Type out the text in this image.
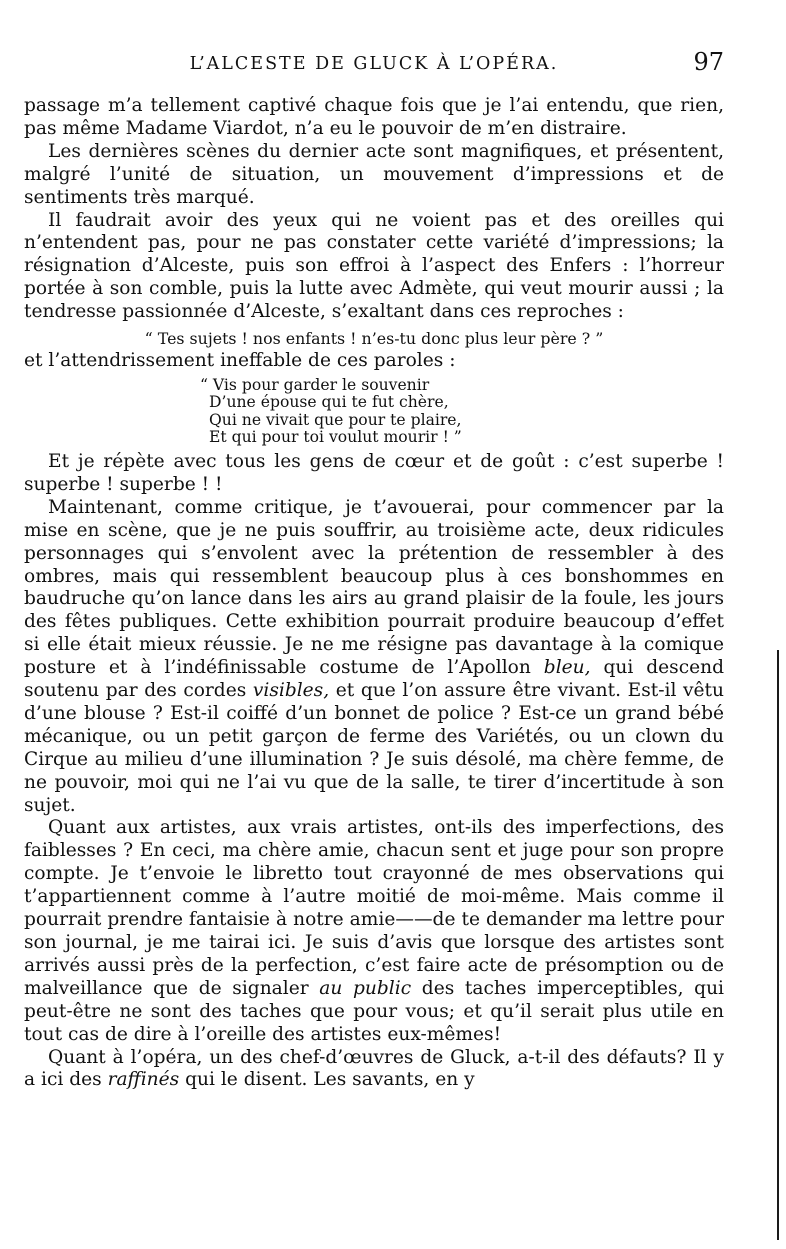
L’ALCESTE DE GLUCK À L’OPÉRA.	97

passage m’a tellement captivé chaque fois que je l’ai entendu, que rien, pas même Madame Viardot, n’a eu le pouvoir de m’en distraire.

Les dernières scènes du dernier acte sont magnifiques, et présentent, malgré l’unité de situation, un mouvement d’impressions et de sentiments très marqué.

Il faudrait avoir des yeux qui ne voient pas et des oreilles qui n’entendent pas, pour ne pas constater cette variété d’impressions; la résignation d’Alceste, puis son effroi à l’aspect des Enfers : l’horreur portée à son comble, puis la lutte avec Admète, qui veut mourir aussi ; la tendresse passionnée d’Alceste, s’exaltant dans ces reproches :

“ Tes sujets ! nos enfants ! n’es-tu donc plus leur père ? ”

et l’attendrissement ineffable de ces paroles :

“ Vis pour garder le souvenir
D’une épouse qui te fut chère,
Qui ne vivait que pour te plaire,
Et qui pour toi voulut mourir ! ”

Et je répète avec tous les gens de cœur et de goût : c’est superbe ! superbe ! superbe ! !

Maintenant, comme critique, je t’avouerai, pour commencer par la mise en scène, que je ne puis souffrir, au troisième acte, deux ridicules personnages qui s’envolent avec la prétention de ressembler à des ombres, mais qui ressemblent beaucoup plus à ces bonshommes en baudruche qu’on lance dans les airs au grand plaisir de la foule, les jours des fêtes publiques. Cette exhibition pourrait produire beaucoup d’effet si elle était mieux réussie. Je ne me résigne pas davantage à la comique posture et à l’indéfinissable costume de l’Apollon bleu, qui descend soutenu par des cordes visibles, et que l’on assure être vivant. Est-il vêtu d’une blouse ? Est-il coiffé d’un bonnet de police ? Est-ce un grand bébé mécanique, ou un petit garçon de ferme des Variétés, ou un clown du Cirque au milieu d’une illumination ? Je suis désolé, ma chère femme, de ne pouvoir, moi qui ne l’ai vu que de la salle, te tirer d’incertitude à son sujet.

Quant aux artistes, aux vrais artistes, ont-ils des imperfections, des faiblesses ? En ceci, ma chère amie, chacun sent et juge pour son propre compte. Je t’envoie le libretto tout crayonné de mes observations qui t’appartiennent comme à l’autre moitié de moi-même. Mais comme il pourrait prendre fantaisie à notre amie——de te demander ma lettre pour son journal, je me tairai ici. Je suis d’avis que lorsque des artistes sont arrivés aussi près de la perfection, c’est faire acte de présomption ou de malveillance que de signaler au public des taches imperceptibles, qui peut-être ne sont des taches que pour vous; et qu’il serait plus utile en tout cas de dire à l’oreille des artistes eux-mêmes!

Quant à l’opéra, un des chef-d’œuvres de Gluck, a-t-il des défauts? Il y a ici des raffinés qui le disent. Les savants, en y
